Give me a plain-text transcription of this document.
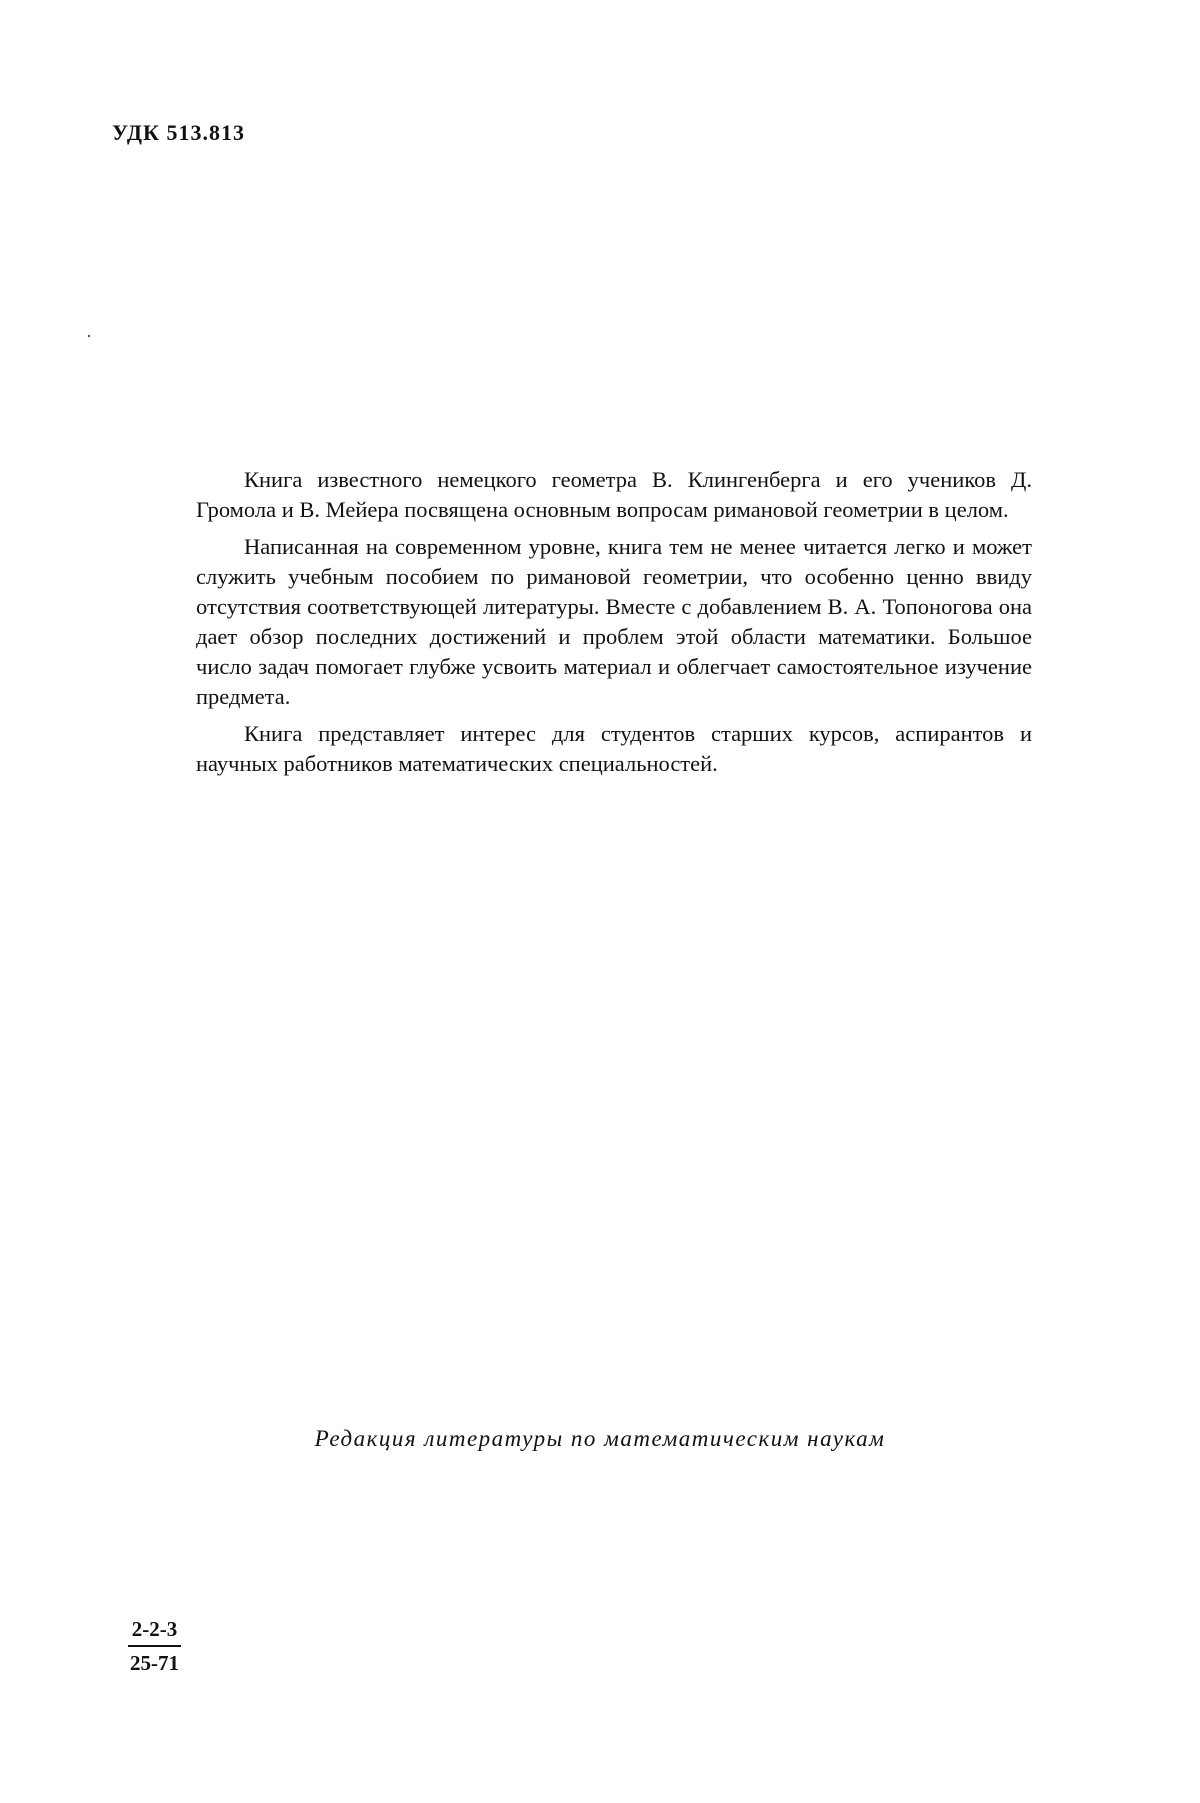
УДК 513.813

Книга известного немецкого геометра В. Клингенберга и его учеников Д. Громола и В. Мейера посвящена основным вопросам римановой геометрии в целом.

Написанная на современном уровне, книга тем не менее читается легко и может служить учебным пособием по римановой геометрии, что особенно ценно ввиду отсутствия соответствующей литературы. Вместе с добавлением В. А. Топоногова она дает обзор последних достижений и проблем этой области математики. Большое число задач помогает глубже усвоить материал и облегчает самостоятельное изучение предмета.

Книга представляет интерес для студентов старших курсов, аспирантов и научных работников математических специальностей.

Редакция литературы по математическим наукам
2-2-3
25-71
